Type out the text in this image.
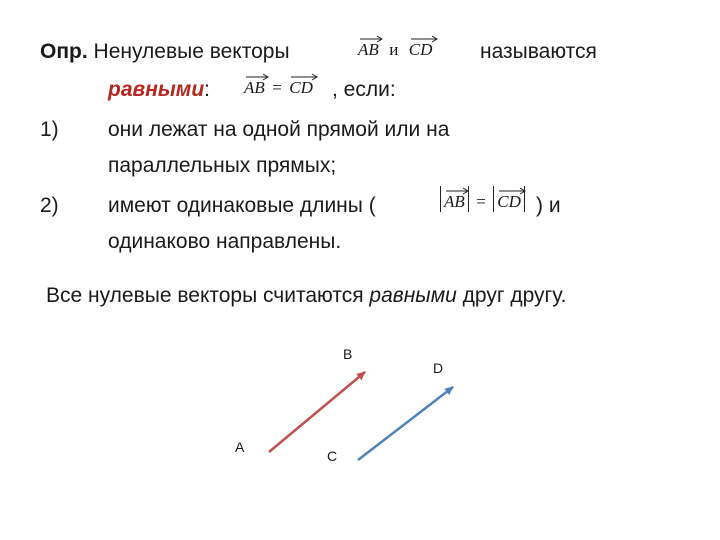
Опр. Ненулевые векторы	AB и CD называются
равными: AB = CD , если:
1) они лежат на одной прямой или на
параллельных прямых;
2) имеют одинаковые длины (	AB = CD ) и
одинаково направлены.
Все нулевые векторы считаются равными друг другу.
A
B
C
D
